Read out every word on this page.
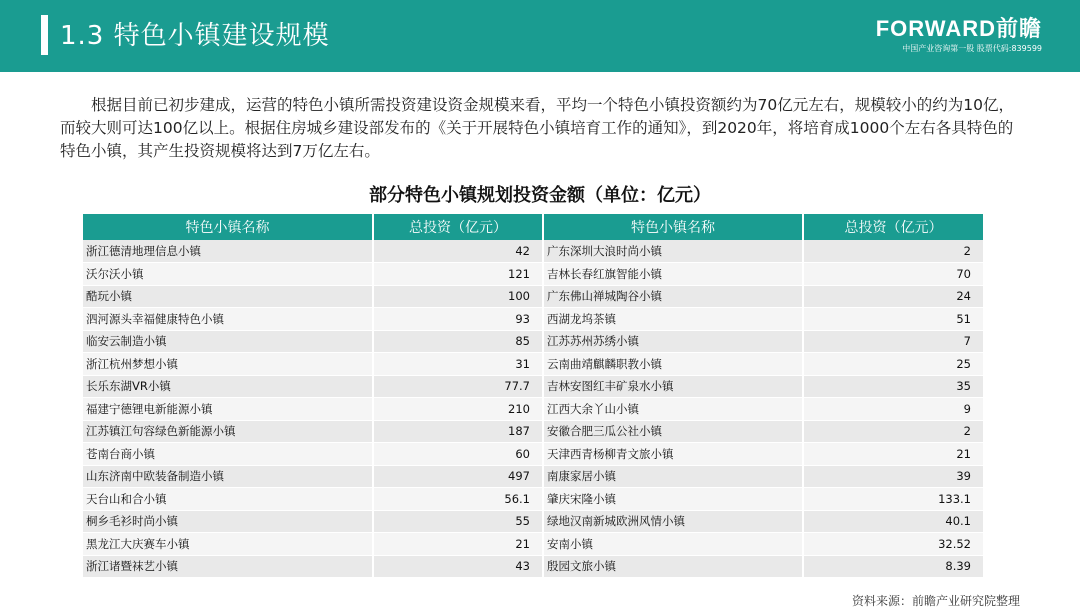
1.3 特色小镇建设规模	FORWARD前瞻
中国产业咨询第一股 股票代码:839599

根据目前已初步建成，运营的特色小镇所需投资建设资金规模来看，平均一个特色小镇投资额约为70亿元左右，规模较小的约为10亿，而较大则可达100亿以上。根据住房城乡建设部发布的《关于开展特色小镇培育工作的通知》，到2020年，将培育成1000个左右各具特色的特色小镇，其产生投资规模将达到7万亿左右。

部分特色小镇规划投资金额（单位：亿元）
特色小镇名称	总投资（亿元）	特色小镇名称	总投资（亿元）
浙江德清地理信息小镇	42	广东深圳大浪时尚小镇	2
沃尔沃小镇	121	吉林长春红旗智能小镇	70
酷玩小镇	100	广东佛山禅城陶谷小镇	24
泗河源头幸福健康特色小镇	93	西湖龙坞茶镇	51
临安云制造小镇	85	江苏苏州苏绣小镇	7
浙江杭州梦想小镇	31	云南曲靖麒麟职教小镇	25
长乐东湖VR小镇	77.7	吉林安图红丰矿泉水小镇	35
福建宁德锂电新能源小镇	210	江西大余丫山小镇	9
江苏镇江句容绿色新能源小镇	187	安徽合肥三瓜公社小镇	2
苍南台商小镇	60	天津西青杨柳青文旅小镇	21
山东济南中欧装备制造小镇	497	南康家居小镇	39
天台山和合小镇	56.1	肇庆宋隆小镇	133.1
桐乡毛衫时尚小镇	55	绿地汉南新城欧洲风情小镇	40.1
黑龙江大庆赛车小镇	21	安南小镇	32.52
浙江诸暨袜艺小镇	43	殷园文旅小镇	8.39
资料来源：前瞻产业研究院整理
